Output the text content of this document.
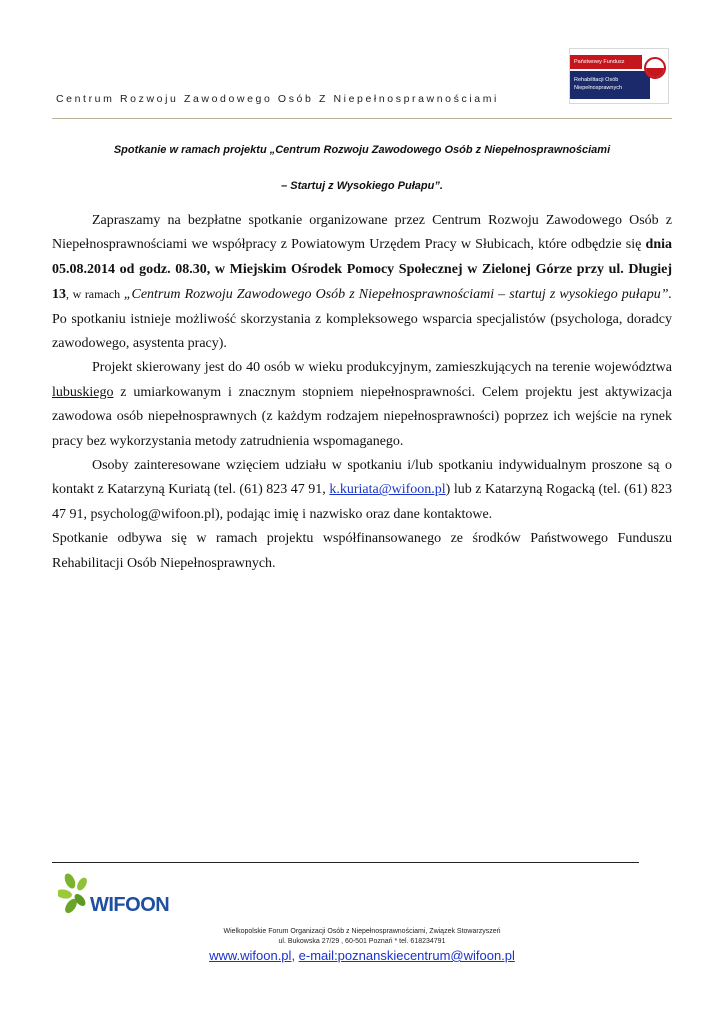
Centrum Rozwoju Zawodowego Osób Z Niepełnosprawnościami
Państwowy Fundusz
Rehabilitacji Osób
Niepełnosprawnych
Spotkanie w ramach projektu „Centrum Rozwoju Zawodowego Osób z Niepełnosprawnościami
– Startuj z Wysokiego Pułapu”.

Zapraszamy na bezpłatne spotkanie organizowane przez Centrum Rozwoju Zawodowego Osób z Niepełnosprawnościami we współpracy z Powiatowym Urzędem Pracy w Słubicach, które odbędzie się dnia 05.08.2014 od godz. 08.30, w Miejskim Ośrodek Pomocy Społecznej w Zielonej Górze przy ul. Długiej 13, w ramach „Centrum Rozwoju Zawodowego Osób z Niepełnosprawnościami – startuj z wysokiego pułapu”. Po spotkaniu istnieje możliwość skorzystania z kompleksowego wsparcia specjalistów (psychologa, doradcy zawodowego, asystenta pracy).

Projekt skierowany jest do 40 osób w wieku produkcyjnym, zamieszkujących na terenie województwa lubuskiego z umiarkowanym i znacznym stopniem niepełnosprawności. Celem projektu jest aktywizacja zawodowa osób niepełnosprawnych (z każdym rodzajem niepełnosprawności) poprzez ich wejście na rynek pracy bez wykorzystania metody zatrudnienia wspomaganego.

Osoby zainteresowane wzięciem udziału w spotkaniu i/lub spotkaniu indywidualnym proszone są o kontakt z Katarzyną Kuriatą (tel. (61) 823 47 91, k.kuriata@wifoon.pl) lub z Katarzyną Rogacką (tel. (61) 823 47 91, psycholog@wifoon.pl), podając imię i nazwisko oraz dane kontaktowe.

Spotkanie odbywa się w ramach projektu współfinansowanego ze środków Państwowego Funduszu Rehabilitacji Osób Niepełnosprawnych.

WIFOON
Wielkopolskie Forum Organizacji Osób z Niepełnosprawnościami, Związek Stowarzyszeń
ul. Bukowska 27/29 , 60-501 Poznań * tel. 618234791
www.wifoon.pl, e-mail:poznanskiecentrum@wifoon.pl
